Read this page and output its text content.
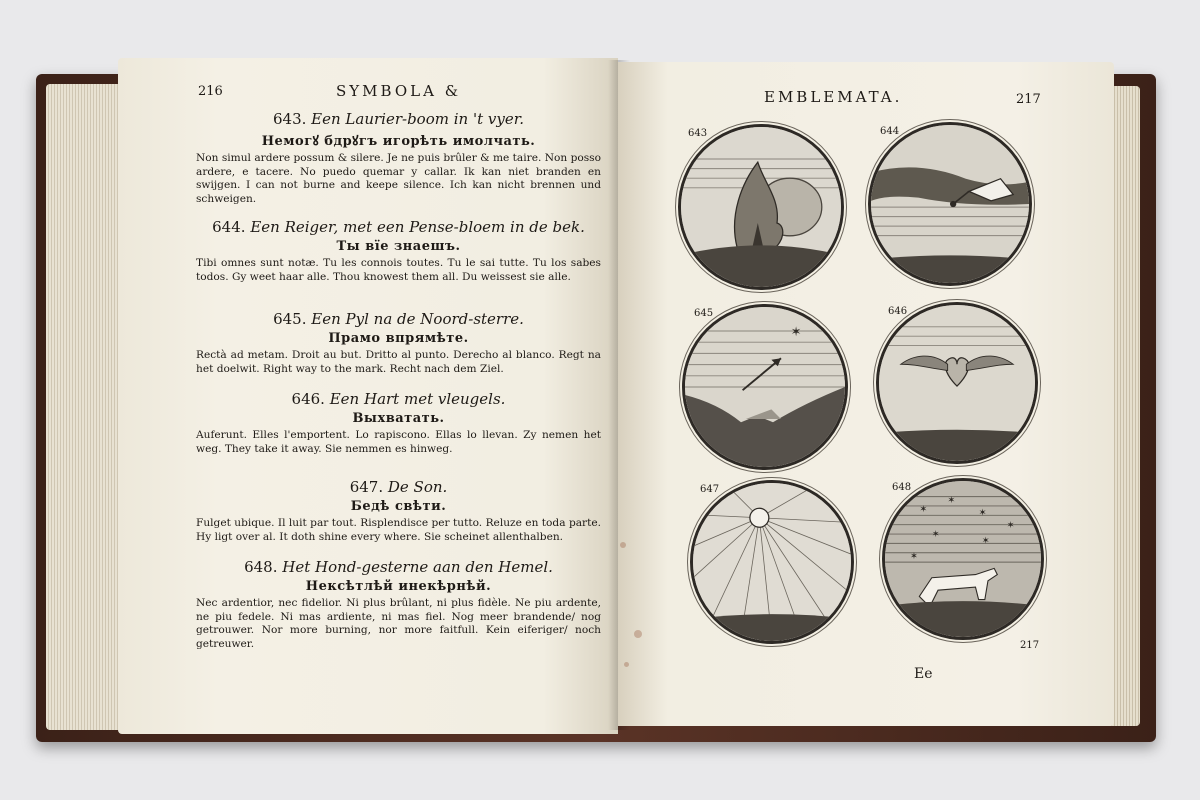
216	SYMBOLA &
643. Een Laurier-boom in 't vyer.
Немогꙋ бдрꙋгъ игорѣть имолчать.

Non simul ardere possum & silere. Je ne puis brûler & me taire. Non posso ardere, e tacere. No puedo quemar y callar. Ik kan niet branden en swijgen. I can not burne and keepe silence. Ich kan nicht brennen und schweigen.

644. Een Reiger, met een Pense-bloem in de bek.
Ты вїе знаешъ.

Tibi omnes sunt notæ. Tu les connois toutes. Tu le sai tutte. Tu los sabes todos. Gy weet haar alle. Thou knowest them all. Du weissest sie alle.

645. Een Pyl na de Noord-sterre.
Прамо впрямѣте.

Rectà ad metam. Droit au but. Dritto al punto. Derecho al blanco. Regt na het doelwit. Right way to the mark. Recht nach dem Ziel.

646. Een Hart met vleugels.
Выхватать.

Auferunt. Elles l'emportent. Lo rapiscono. Ellas lo llevan. Zy nemen het weg. They take it away. Sie nemmen es hinweg.

647. De Son.
Бедѣ свѣти.

Fulget ubique. Il luit par tout. Risplendisce per tutto. Reluze en toda parte. Hy ligt over al. It doth shine every where. Sie scheinet allenthalben.

648. Het Hond-gesterne aan den Hemel.
Нексѣтлѣй инекѣрнѣй.

Nec ardentior, nec fidelior. Ni plus brûlant, ni plus fidèle. Ne piu ardente, ne piu fedele. Ni mas ardiente, ni mas fiel. Nog meer brandende/ nog getrouwer. Nor more burning, nor more faitfull. Kein eiferiger/ noch getreuwer.

EMBLEMATA.	217
643	644
645	646
647	648
✶
✶
✶
✶
✶
✶
✶
✶
217
Ee
